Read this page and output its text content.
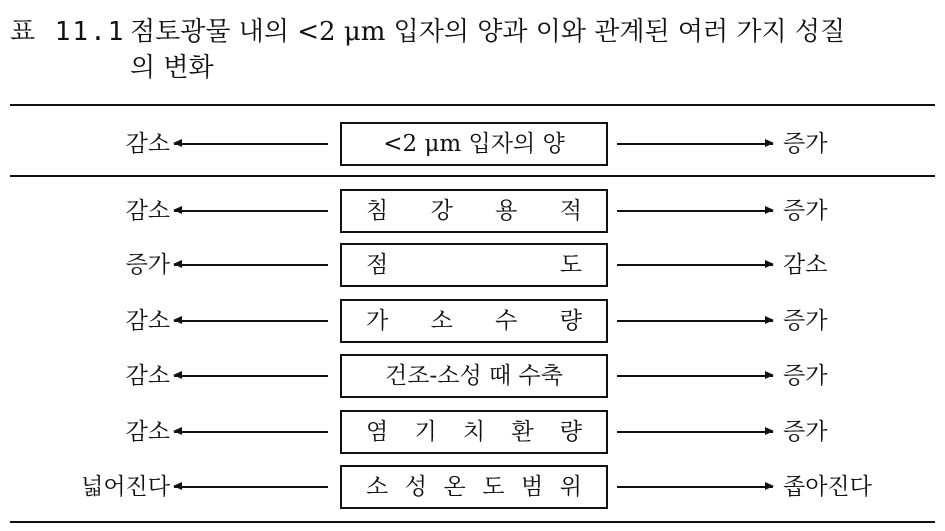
표 11.1 점토광물 내의 <2 μm 입자의 양과 이와 관계된 여러 가지 성질
의 변화
감소	<2 μm 입자의 양	증가
감소	침 강 용 적	증가
증가	점 도	감소
감소	가 소 수 량	증가
감소	건조-소성 때 수축	증가
감소	염 기 치 환 량	증가
넓어진다	소 성 온 도 범 위	좁아진다
